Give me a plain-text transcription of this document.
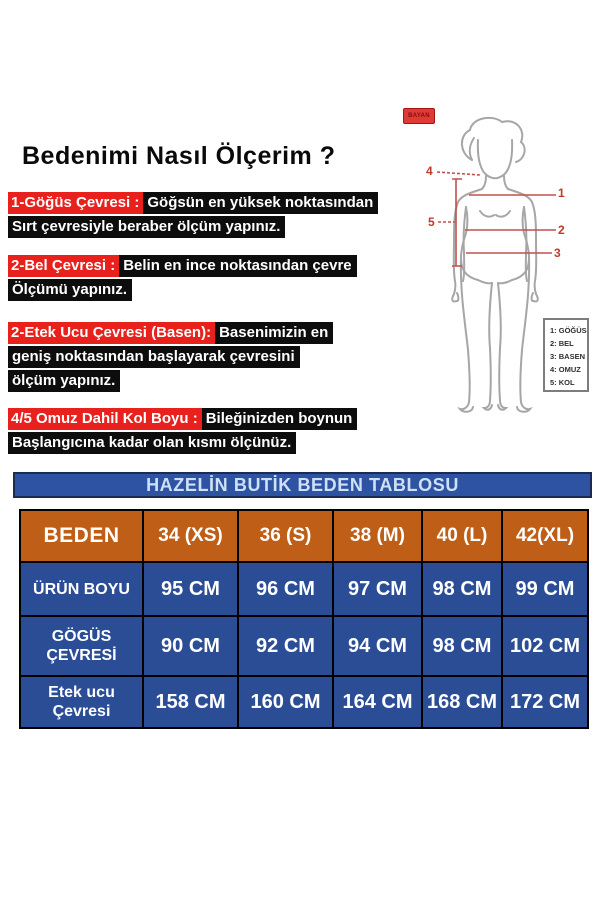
Bedenimi Nasıl Ölçerim ?
1-Göğüs Çevresi : Göğsün en yüksek noktasından
Sırt çevresiyle beraber ölçüm yapınız.
2-Bel Çevresi : Belin en ince noktasından çevre
Ölçümü yapınız.
2-Etek Ucu Çevresi (Basen): Basenimizin en
geniş noktasından başlayarak çevresini
ölçüm yapınız.
4/5 Omuz Dahil Kol Boyu : Bileğinizden boynun
Başlangıcına kadar olan kısmı ölçünüz.
BAYAN
4
1
5
2
3
1: GÖĞÜS
2: BEL
3: BASEN
4: OMUZ
5: KOL
HAZELİN BUTİK BEDEN TABLOSU
BEDEN	34 (XS)	36 (S)	38 (M)	40 (L)	42(XL)
ÜRÜN BOYU	95 CM	96 CM	97 CM	98 CM	99 CM
GÖGÜS ÇEVRESİ	90 CM	92 CM	94 CM	98 CM	102 CM
Etek ucu Çevresi	158 CM	160 CM	164 CM	168 CM	172 CM
